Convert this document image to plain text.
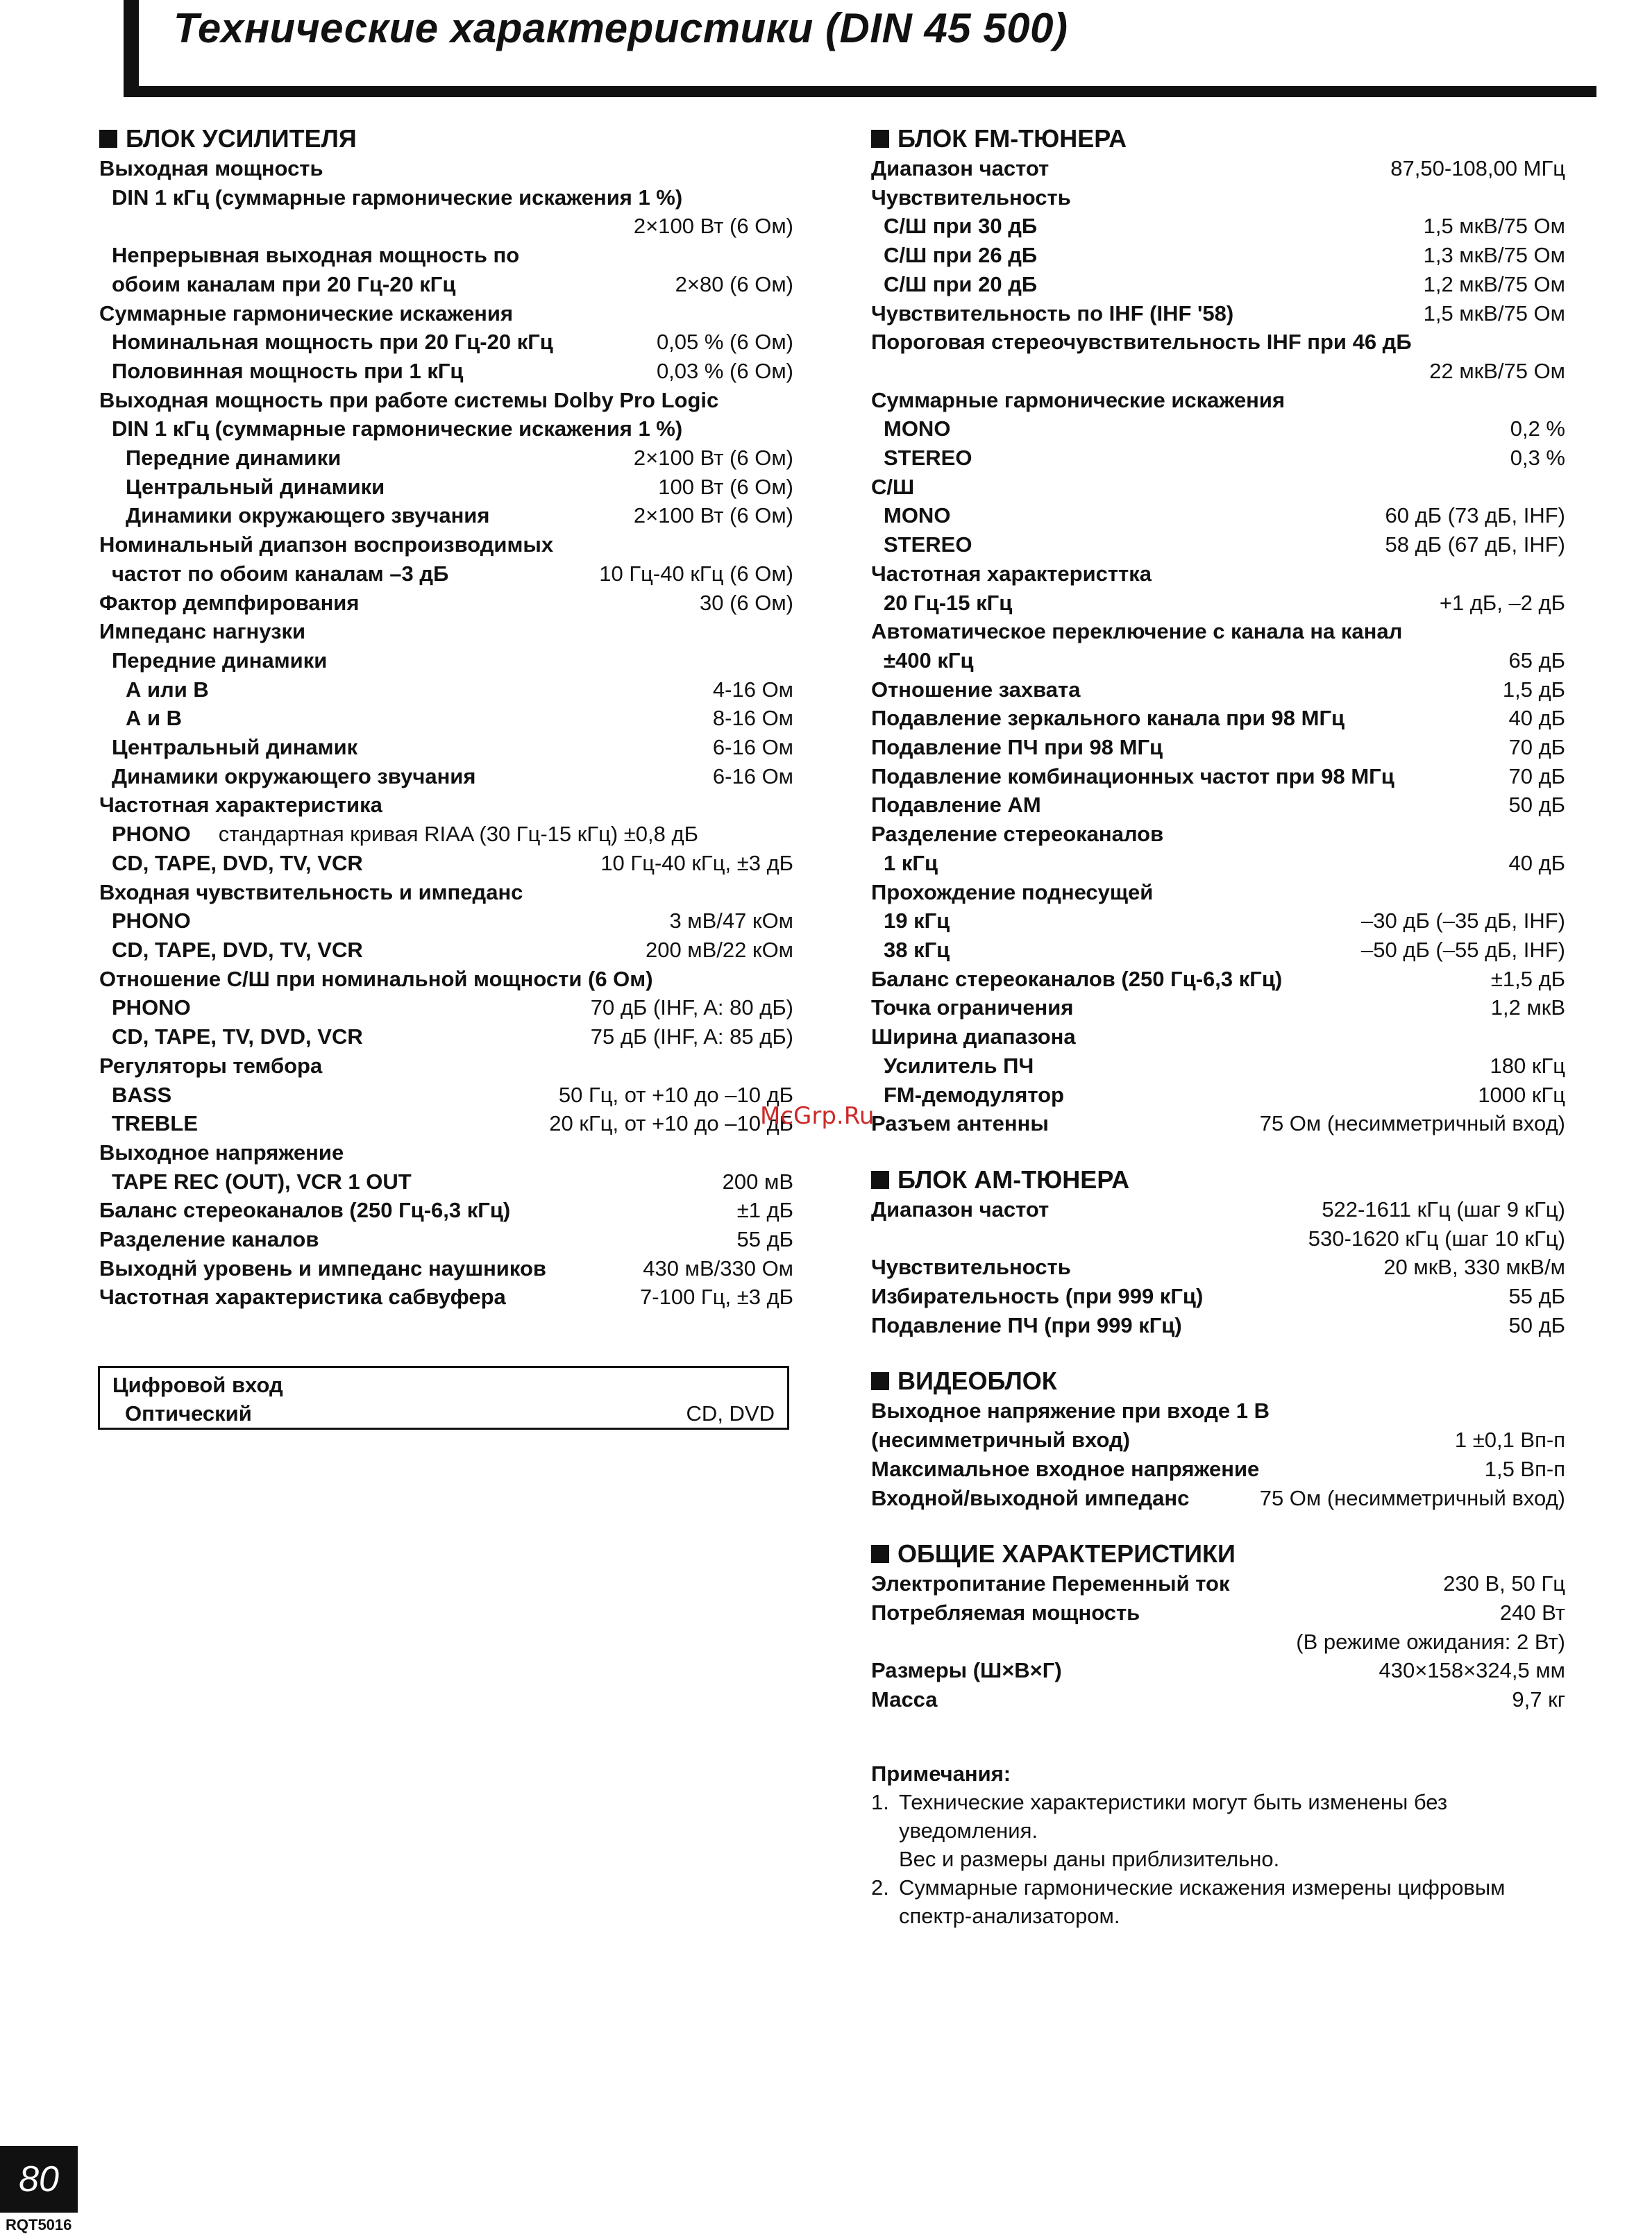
Технические характеристики (DIN 45 500)
БЛОК УСИЛИТЕЛЯ
Выходная мощность
DIN 1 кГц (суммарные гармонические искажения 1 %)
2×100 Вт (6 Ом)
Непрерывная выходная мощность по
обоим каналам при 20 Гц-20 кГц	2×80 (6 Ом)
Суммарные гармонические искажения
Номинальная мощность при 20 Гц-20 кГц	0,05 % (6 Ом)
Половинная мощность при 1 кГц	0,03 % (6 Ом)
Выходная мощность при работе системы Dolby Pro Logic
DIN 1 кГц (суммарные гармонические искажения 1 %)
Передние динамики	2×100 Вт (6 Ом)
Центральный динамики	100 Вт (6 Ом)
Динамики окружающего звучания	2×100 Вт (6 Ом)
Номинальный диапзон воспроизводимых
частот по обоим каналам –3 дБ	10 Гц-40 кГц (6 Ом)
Фактор демпфирования	30 (6 Ом)
Импеданс нагнузки
Передние динамики
А или В	4-16 Ом
А и В	8-16 Ом
Центральный динамик	6-16 Ом
Динамики окружающего звучания	6-16 Ом
Частотная характеристика
PHONO стандартная кривая RIAA (30 Гц-15 кГц) ±0,8 дБ
CD, TAPE, DVD, TV, VCR	10 Гц-40 кГц, ±3 дБ
Входная чувствительность и импеданс
PHONO	3 мВ/47 кОм
CD, TAPE, DVD, TV, VCR	200 мВ/22 кОм
Отношение С/Ш при номинальной мощности (6 Ом)
PHONO	70 дБ (IHF, A: 80 дБ)
CD, TAPE, TV, DVD, VCR	75 дБ (IHF, A: 85 дБ)
Регуляторы тембора
BASS	50 Гц, от +10 до –10 дБ
TREBLE	20 кГц, от +10 до –10 дБ
Выходное напряжение
TAPE REC (OUT), VCR 1 OUT	200 мВ
Баланс стереоканалов (250 Гц-6,3 кГц)	±1 дБ
Разделение каналов	55 дБ
Выходнй уровень и импеданс наушников	430 мВ/330 Ом
Частотная характеристика сабвуфера	7-100 Гц, ±3 дБ
Цифровой вход
Оптический	CD, DVD
БЛОК FM-ТЮНЕРА
Диапазон частот	87,50-108,00 МГц
Чувствительность
С/Ш при 30 дБ	1,5 мкВ/75 Ом
С/Ш при 26 дБ	1,3 мкВ/75 Ом
С/Ш при 20 дБ	1,2 мкВ/75 Ом
Чувствительность по IHF (IHF '58)	1,5 мкВ/75 Ом
Пороговая стереочувствительность IHF при 46 дБ
22 мкВ/75 Ом
Суммарные гармонические искажения
MONO	0,2 %
STEREO	0,3 %
С/Ш
MONO	60 дБ (73 дБ, IHF)
STEREO	58 дБ (67 дБ, IHF)
Частотная характеристтка
20 Гц-15 кГц	+1 дБ, –2 дБ
Автоматическое переключение с канала на канал
±400 кГц	65 дБ
Отношение захвата	1,5 дБ
Подавление зеркального канала при 98 МГц	40 дБ
Подавление ПЧ при 98 МГц	70 дБ
Подавление комбинационных частот при 98 МГц	70 дБ
Подавление АМ	50 дБ
Разделение стереоканалов
1 кГц	40 дБ
Прохождение поднесущей
19 кГц	–30 дБ (–35 дБ, IHF)
38 кГц	–50 дБ (–55 дБ, IHF)
Баланс стереоканалов (250 Гц-6,3 кГц)	±1,5 дБ
Точка ограничения	1,2 мкВ
Ширина диапазона
Усилитель ПЧ	180 кГц
FM-демодулятор	1000 кГц
Разъем антенны	75 Ом (несимметричный вход)
БЛОК АМ-ТЮНЕРА
Диапазон частот	522-1611 кГц (шаг 9 кГц)
530-1620 кГц (шаг 10 кГц)
Чувствительность	20 мкВ, 330 мкВ/м
Избирательность (при 999 кГц)	55 дБ
Подавление ПЧ (при 999 кГц)	50 дБ
ВИДЕОБЛОК
Выходное напряжение при входе 1 В
(несимметричный вход)	1 ±0,1 Вп-п
Максимальное входное напряжение	1,5 Вп-п
Входной/выходной импеданс	75 Ом (несимметричный вход)
ОБЩИЕ ХАРАКТЕРИСТИКИ
Электропитание Переменный ток	230 В, 50 Гц
Потребляемая мощность	240 Вт
(В режиме ожидания: 2 Вт)
Размеры (Ш×В×Г)	430×158×324,5 мм
Масса	9,7 кг
Примечания:
1. Технические характеристики могут быть изменены без
уведомления.
Вес и размеры даны приблизительно.
2. Суммарные гармонические искажения измерены цифровым
спектр-анализатором.
McGrp.Ru
80
RQT5016
